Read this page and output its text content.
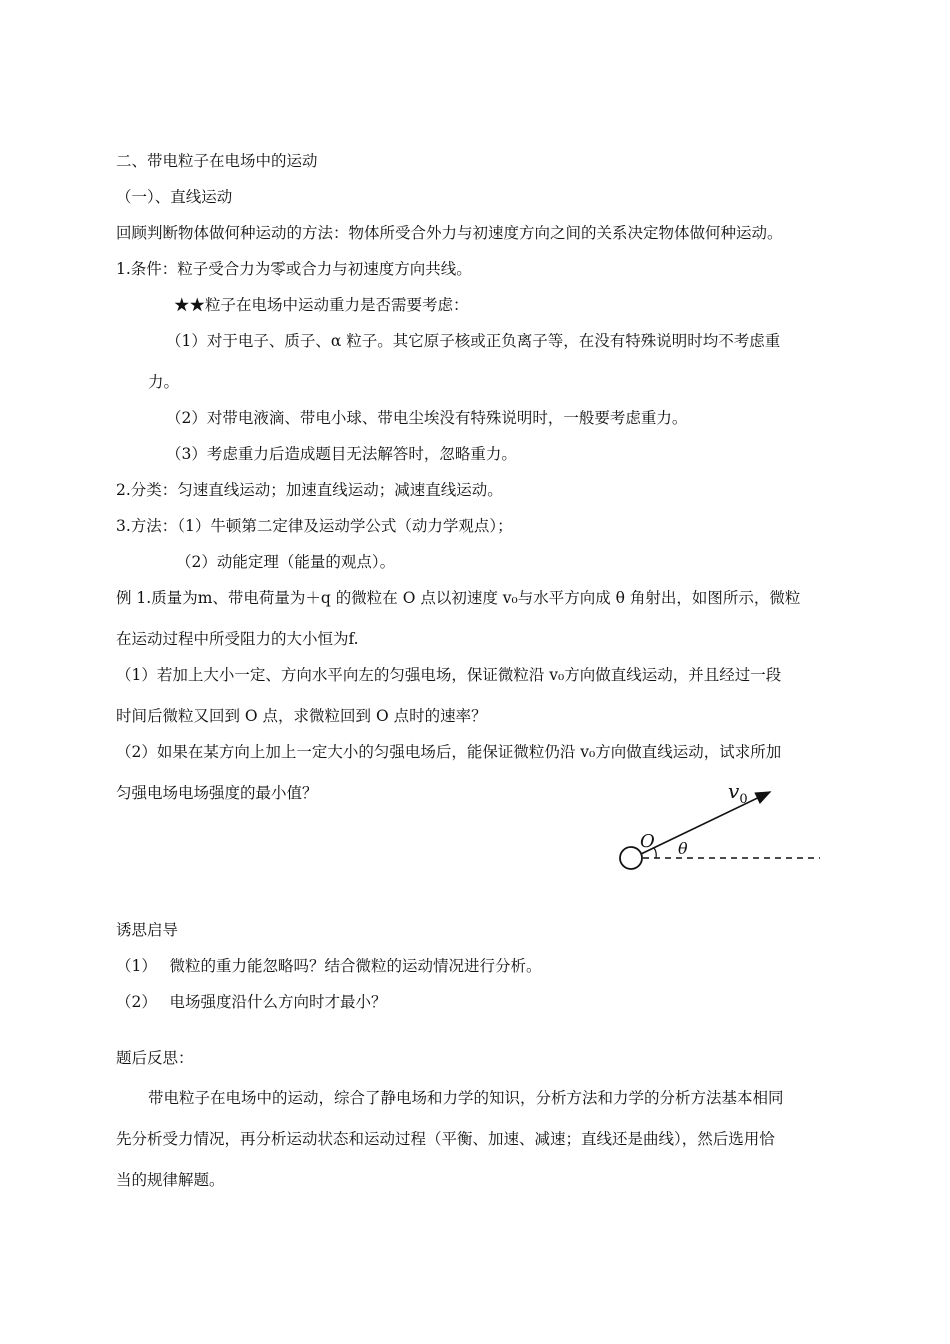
二、带电粒子在电场中的运动
（一）、直线运动
回顾判断物体做何种运动的方法：物体所受合外力与初速度方向之间的关系决定物体做何种运动。
1.条件：粒子受合力为零或合力与初速度方向共线。
★★粒子在电场中运动重力是否需要考虑：
（1）对于电子、质子、α 粒子。其它原子核或正负离子等，在没有特殊说明时均不考虑重
力。
（2）对带电液滴、带电小球、带电尘埃没有特殊说明时，一般要考虑重力。
（3）考虑重力后造成题目无法解答时，忽略重力。
2.分类：匀速直线运动；加速直线运动；减速直线运动。
3.方法：（1）牛顿第二定律及运动学公式（动力学观点）；
（2）动能定理（能量的观点）。
例 1.质量为m、带电荷量为＋q 的微粒在 O 点以初速度 v₀与水平方向成 θ 角射出，如图所示，微粒
在运动过程中所受阻力的大小恒为f.
（1）若加上大小一定、方向水平向左的匀强电场，保证微粒沿 v₀方向做直线运动，并且经过一段
时间后微粒又回到 O 点，求微粒回到 O 点时的速率？
（2）如果在某方向上加上一定大小的匀强电场后，能保证微粒仍沿 v₀方向做直线运动，试求所加
匀强电场电场强度的最小值？
O θ
$v_0$
诱思启导
（1）　 微粒的重力能忽略吗？结合微粒的运动情况进行分析。
（2）　 电场强度沿什么方向时才最小？
题后反思：
带电粒子在电场中的运动，综合了静电场和力学的知识，分析方法和力学的分析方法基本相同
先分析受力情况，再分析运动状态和运动过程（平衡、加速、减速；直线还是曲线），然后选用恰
当的规律解题。
